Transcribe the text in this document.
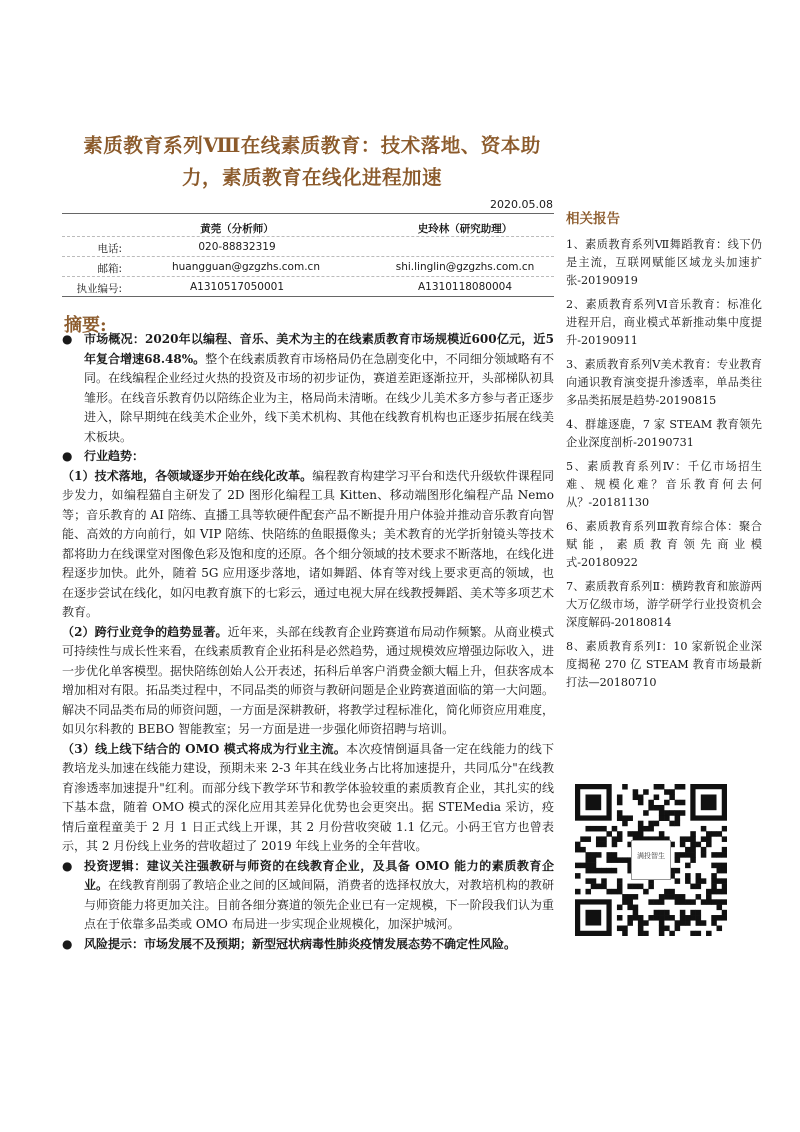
素质教育系列Ⅷ在线素质教育：技术落地、资本助
力，素质教育在线化进程加速
2020.05.08
黄莞（分析师）	史玲林（研究助理）
电话:	020-88832319
邮箱:	huangguan@gzgzhs.com.cn	shi.linglin@gzgzhs.com.cn
执业编号:	A1310517050001	A1310118080004
摘要:
● 市场概况：2020年以编程、音乐、美术为主的在线素质教育市场规模近600亿元，近5年复合增速68.48%。整个在线素质教育市场格局仍在急剧变化中，不同细分领域略有不同。在线编程企业经过火热的投资及市场的初步证伪，赛道差距逐渐拉开，头部梯队初具雏形。在线音乐教育仍以陪练企业为主，格局尚未清晰。在线少儿美术多方参与者正逐步进入，除早期纯在线美术企业外，线下美术机构、其他在线教育机构也正逐步拓展在线美术板块。

● 行业趋势：

（1）技术落地，各领域逐步开始在线化改革。编程教育构建学习平台和迭代升级软件课程同步发力，如编程猫自主研发了 2D 图形化编程工具 Kitten、移动端图形化编程产品 Nemo 等；音乐教育的 AI 陪练、直播工具等软硬件配套产品不断提升用户体验并推动音乐教育向智能、高效的方向前行，如 VIP 陪练、快陪练的鱼眼摄像头；美术教育的光学折射镜头等技术都将助力在线课堂对图像色彩及饱和度的还原。各个细分领域的技术要求不断落地，在线化进程逐步加快。此外，随着 5G 应用逐步落地，诸如舞蹈、体育等对线上要求更高的领域，也在逐步尝试在线化，如闪电教育旗下的七彩云，通过电视大屏在线教授舞蹈、美术等多项艺术教育。

（2）跨行业竞争的趋势显著。近年来，头部在线教育企业跨赛道布局动作频繁。从商业模式可持续性与成长性来看，在线素质教育企业拓科是必然趋势，通过规模效应增强边际收入，进一步优化单客模型。据快陪练创始人公开表述，拓科后单客户消费金额大幅上升，但获客成本增加相对有限。拓品类过程中，不同品类的师资与教研问题是企业跨赛道面临的第一大问题。解决不同品类布局的师资问题，一方面是深耕教研，将教学过程标准化，简化师资应用难度，如贝尔科教的 BEBO 智能教室；另一方面是进一步强化师资招聘与培训。

（3）线上线下结合的 OMO 模式将成为行业主流。本次疫情倒逼具备一定在线能力的线下教培龙头加速在线能力建设，预期未来 2-3 年其在线业务占比将加速提升，共同瓜分"在线教育渗透率加速提升"红利。而部分线下教学环节和教学体验较重的素质教育企业，其扎实的线下基本盘，随着 OMO 模式的深化应用其差异化优势也会更突出。据 STEMedia 采访，疫情后童程童美于 2 月 1 日正式线上开课，其 2 月份营收突破 1.1 亿元。小码王官方也曾表示，其 2 月份线上业务的营收超过了 2019 年线上业务的全年营收。

● 投资逻辑：建议关注强教研与师资的在线教育企业，及具备 OMO 能力的素质教育企业。在线教育削弱了教培企业之间的区域间隔，消费者的选择权放大，对教培机构的教研与师资能力将更加关注。目前各细分赛道的领先企业已有一定规模，下一阶段我们认为重点在于依靠多品类或 OMO 布局进一步实现企业规模化，加深护城河。

● 风险提示：市场发展不及预期；新型冠状病毒性肺炎疫情发展态势不确定性风险。

相关报告

1、素质教育系列Ⅶ舞蹈教育：线下仍是主流，互联网赋能区域龙头加速扩张-20190919

2、素质教育系列Ⅵ音乐教育：标准化进程开启，商业模式革新推动集中度提升-20190911

3、素质教育系列Ⅴ美术教育：专业教育向通识教育演变提升渗透率，单品类往多品类拓展是趋势-20190815

4、群雄逐鹿，7 家 STEAM 教育领先企业深度剖析-20190731

5、素质教育系列Ⅳ：千亿市场招生难、规模化难？音乐教育何去何从？-20181130

6、素质教育系列Ⅲ教育综合体：聚合赋能，素质教育领先商业模式-20180922

7、素质教育系列Ⅱ：横跨教育和旅游两大万亿级市场，游学研学行业投资机会深度解码-20180814

8、素质教育系列Ⅰ：10 家新锐企业深度揭秘 270 亿 STEAM 教育市场最新打法—20180710

满投智生
